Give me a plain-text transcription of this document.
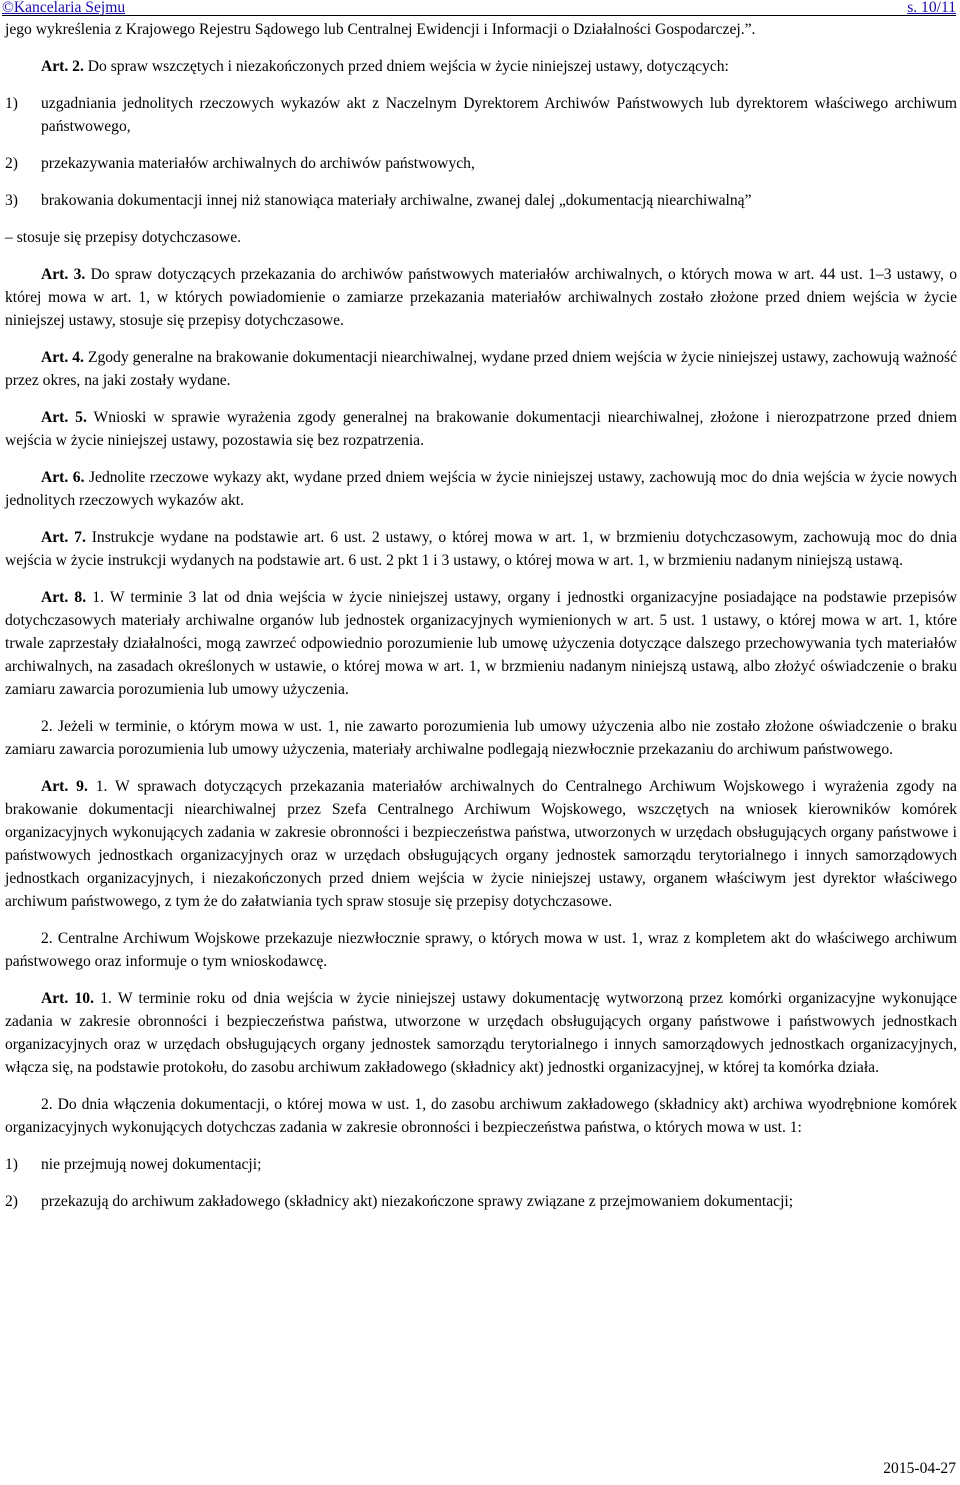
©Kancelaria Sejmu	s. 10/11

jego wykreślenia z Krajowego Rejestru Sądowego lub Centralnej Ewidencji i Informacji o Działalności Gospodarczej.”.

Art. 2. Do spraw wszczętych i niezakończonych przed dniem wejścia w życie niniejszej ustawy, dotyczących:

1) uzgadniania jednolitych rzeczowych wykazów akt z Naczelnym Dyrektorem Archiwów Państwowych lub dyrektorem właściwego archiwum państwowego,

2) przekazywania materiałów archiwalnych do archiwów państwowych,

3) brakowania dokumentacji innej niż stanowiąca materiały archiwalne, zwanej dalej „dokumentacją niearchiwalną”

– stosuje się przepisy dotychczasowe.

Art. 3. Do spraw dotyczących przekazania do archiwów państwowych materiałów archiwalnych, o których mowa w art. 44 ust. 1–3 ustawy, o której mowa w art. 1, w których powiadomienie o zamiarze przekazania materiałów archiwalnych zostało złożone przed dniem wejścia w życie niniejszej ustawy, stosuje się przepisy dotychczasowe.

Art. 4. Zgody generalne na brakowanie dokumentacji niearchiwalnej, wydane przed dniem wejścia w życie niniejszej ustawy, zachowują ważność przez okres, na jaki zostały wydane.

Art. 5. Wnioski w sprawie wyrażenia zgody generalnej na brakowanie dokumentacji niearchiwalnej, złożone i nierozpatrzone przed dniem wejścia w życie niniejszej ustawy, pozostawia się bez rozpatrzenia.

Art. 6. Jednolite rzeczowe wykazy akt, wydane przed dniem wejścia w życie niniejszej ustawy, zachowują moc do dnia wejścia w życie nowych jednolitych rzeczowych wykazów akt.

Art. 7. Instrukcje wydane na podstawie art. 6 ust. 2 ustawy, o której mowa w art. 1, w brzmieniu dotychczasowym, zachowują moc do dnia wejścia w życie instrukcji wydanych na podstawie art. 6 ust. 2 pkt 1 i 3 ustawy, o której mowa w art. 1, w brzmieniu nadanym niniejszą ustawą.

Art. 8. 1. W terminie 3 lat od dnia wejścia w życie niniejszej ustawy, organy i jednostki organizacyjne posiadające na podstawie przepisów dotychczasowych materiały archiwalne organów lub jednostek organizacyjnych wymienionych w art. 5 ust. 1 ustawy, o której mowa w art. 1, które trwale zaprzestały działalności, mogą zawrzeć odpowiednio porozumienie lub umowę użyczenia dotyczące dalszego przechowywania tych materiałów archiwalnych, na zasadach określonych w ustawie, o której mowa w art. 1, w brzmieniu nadanym niniejszą ustawą, albo złożyć oświadczenie o braku zamiaru zawarcia porozumienia lub umowy użyczenia.

2. Jeżeli w terminie, o którym mowa w ust. 1, nie zawarto porozumienia lub umowy użyczenia albo nie zostało złożone oświadczenie o braku zamiaru zawarcia porozumienia lub umowy użyczenia, materiały archiwalne podlegają niezwłocznie przekazaniu do archiwum państwowego.

Art. 9. 1. W sprawach dotyczących przekazania materiałów archiwalnych do Centralnego Archiwum Wojskowego i wyrażenia zgody na brakowanie dokumentacji niearchiwalnej przez Szefa Centralnego Archiwum Wojskowego, wszczętych na wniosek kierowników komórek organizacyjnych wykonujących zadania w zakresie obronności i bezpieczeństwa państwa, utworzonych w urzędach obsługujących organy państwowe i państwowych jednostkach organizacyjnych oraz w urzędach obsługujących organy jednostek samorządu terytorialnego i innych samorządowych jednostkach organizacyjnych, i niezakończonych przed dniem wejścia w życie niniejszej ustawy, organem właściwym jest dyrektor właściwego archiwum państwowego, z tym że do załatwiania tych spraw stosuje się przepisy dotychczasowe.

2. Centralne Archiwum Wojskowe przekazuje niezwłocznie sprawy, o których mowa w ust. 1, wraz z kompletem akt do właściwego archiwum państwowego oraz informuje o tym wnioskodawcę.

Art. 10. 1. W terminie roku od dnia wejścia w życie niniejszej ustawy dokumentację wytworzoną przez komórki organizacyjne wykonujące zadania w zakresie obronności i bezpieczeństwa państwa, utworzone w urzędach obsługujących organy państwowe i państwowych jednostkach organizacyjnych oraz w urzędach obsługujących organy jednostek samorządu terytorialnego i innych samorządowych jednostkach organizacyjnych, włącza się, na podstawie protokołu, do zasobu archiwum zakładowego (składnicy akt) jednostki organizacyjnej, w której ta komórka działa.

2. Do dnia włączenia dokumentacji, o której mowa w ust. 1, do zasobu archiwum zakładowego (składnicy akt) archiwa wyodrębnione komórek organizacyjnych wykonujących dotychczas zadania w zakresie obronności i bezpieczeństwa państwa, o których mowa w ust. 1:

1) nie przejmują nowej dokumentacji;

2) przekazują do archiwum zakładowego (składnicy akt) niezakończone sprawy związane z przejmowaniem dokumentacji;

2015-04-27
